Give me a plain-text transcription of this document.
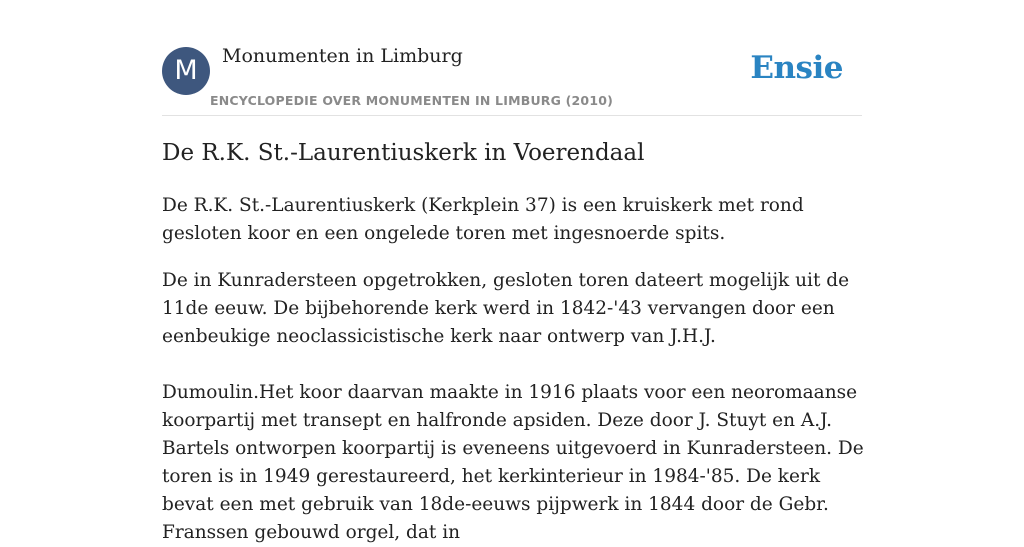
M	Monumenten in Limburg
ENCYCLOPEDIE OVER MONUMENTEN IN LIMBURG (2010)
Ensie
De R.K. St.-Laurentiuskerk in Voerendaal

De R.K. St.-Laurentiuskerk (Kerkplein 37) is een kruiskerk met rond gesloten koor en een ongelede toren met ingesnoerde spits.

De in Kunradersteen opgetrokken, gesloten toren dateert mogelijk uit de 11de eeuw. De bijbehorende kerk werd in 1842-'43 vervangen door een eenbeukige neoclassicistische kerk naar ontwerp van J.H.J.

Dumoulin.Het koor daarvan maakte in 1916 plaats voor een neoromaanse koorpartij met transept en halfronde apsiden. Deze door J. Stuyt en A.J. Bartels ontworpen koorpartij is eveneens uitgevoerd in Kunradersteen. De toren is in 1949 gerestaureerd, het kerkinterieur in 1984-'85. De kerk bevat een met gebruik van 18de-eeuws pijpwerk in 1844 door de Gebr. Franssen gebouwd orgel, dat in
